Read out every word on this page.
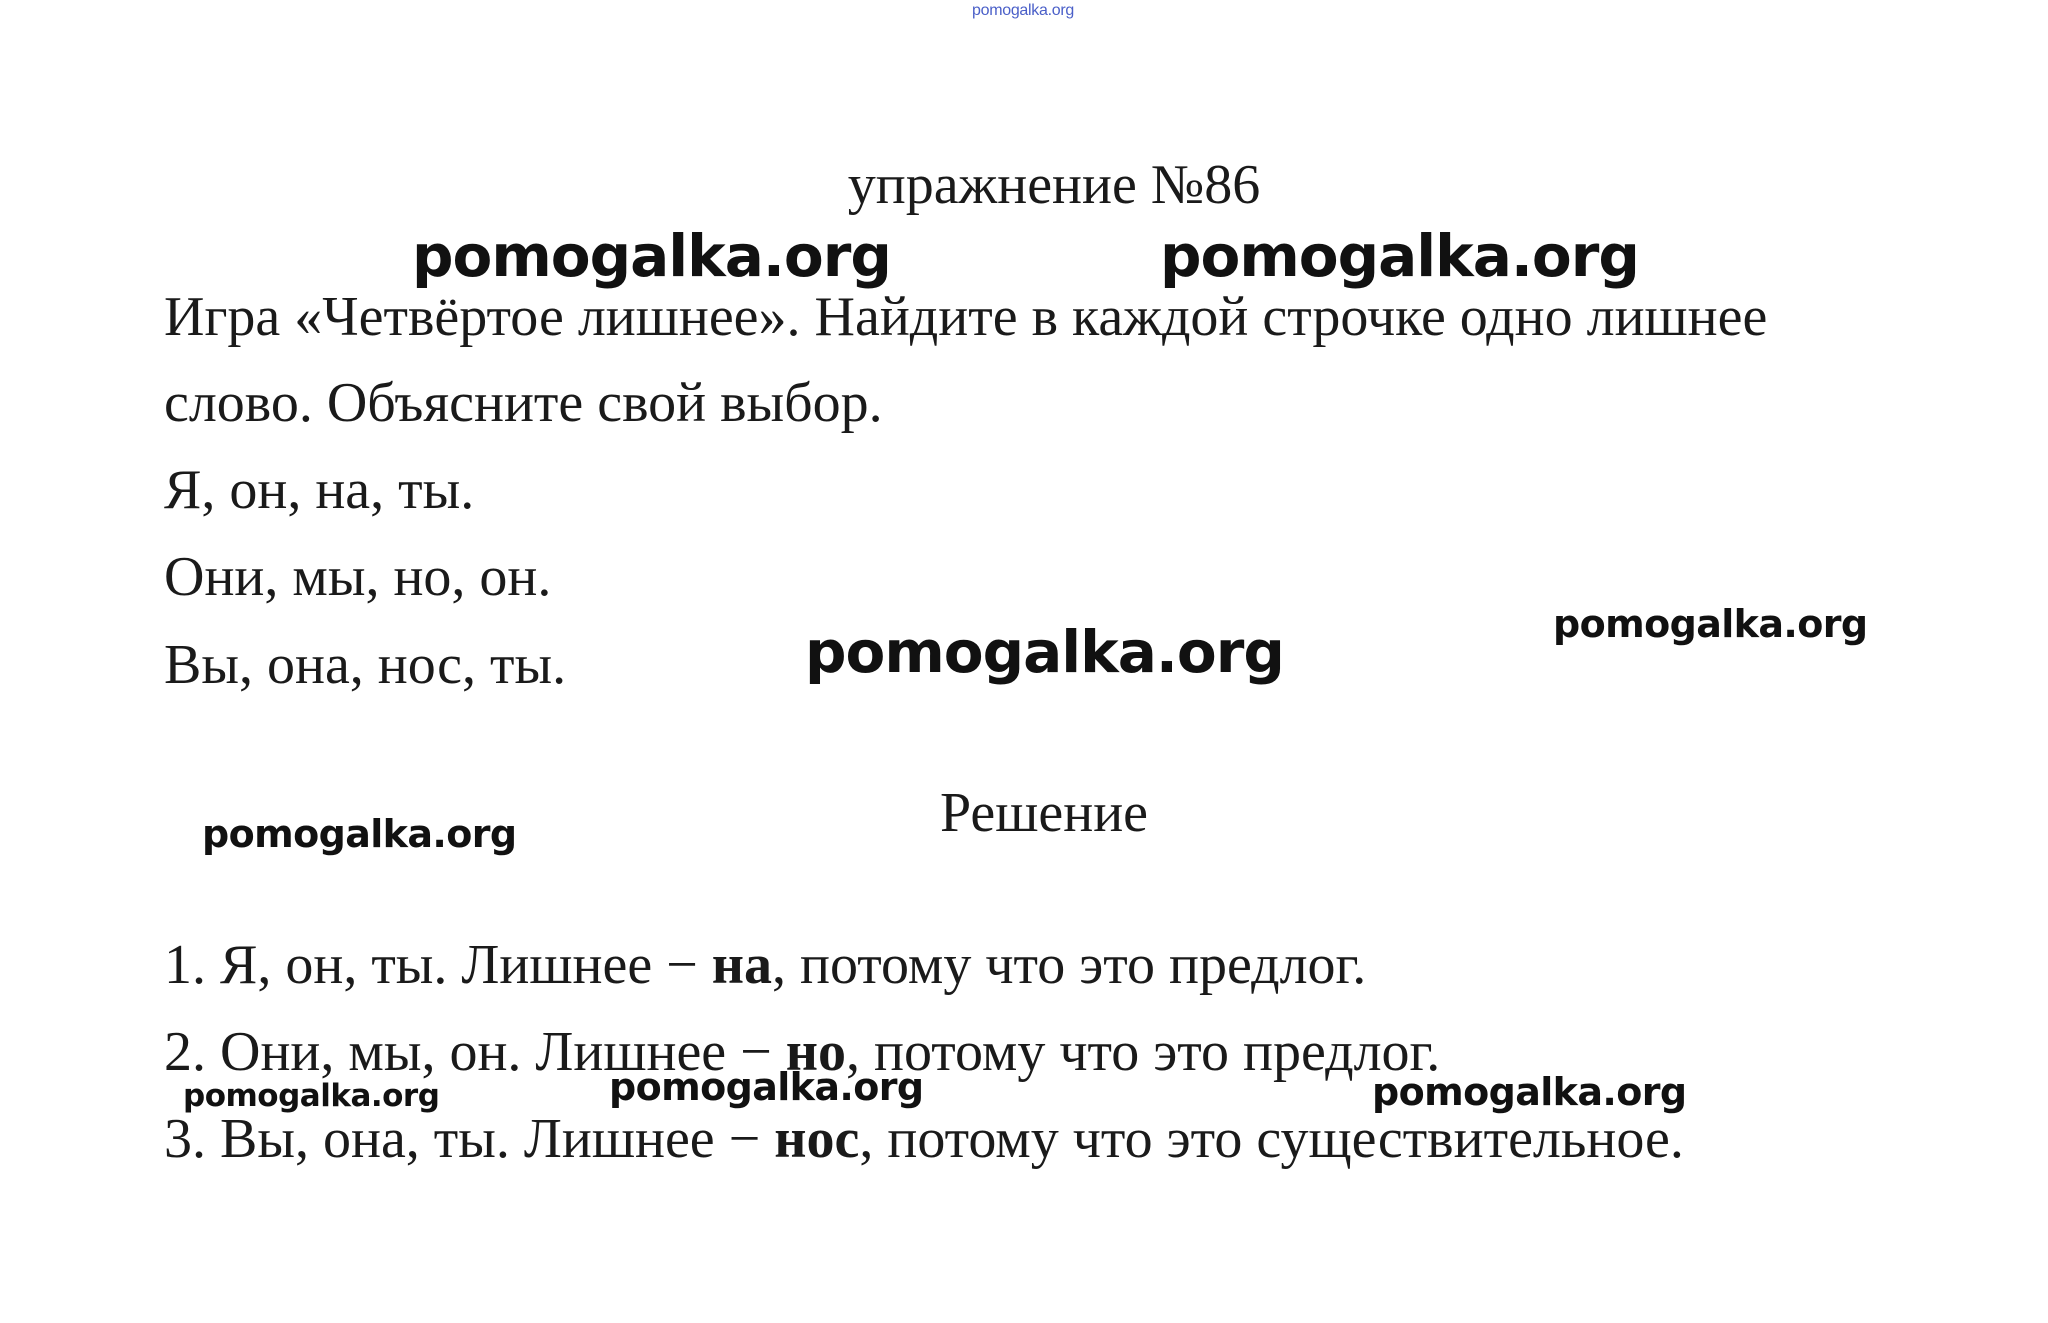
pomogalka.org
упражнение №86
Игра «Четвёртое лишнее». Найдите в каждой строчке одно лишнее
слово. Объясните свой выбор.
Я, он, на, ты.
Они, мы, но, он.
Вы, она, нос, ты.
Решение
1. Я, он, ты. Лишнее − на, потому что это предлог.
2. Они, мы, он. Лишнее − но, потому что это предлог.
3. Вы, она, ты. Лишнее − нос, потому что это существительное.
pomogalka.org	pomogalka.org
pomogalka.org	pomogalka.org
pomogalka.org
pomogalka.org	pomogalka.org	pomogalka.org
